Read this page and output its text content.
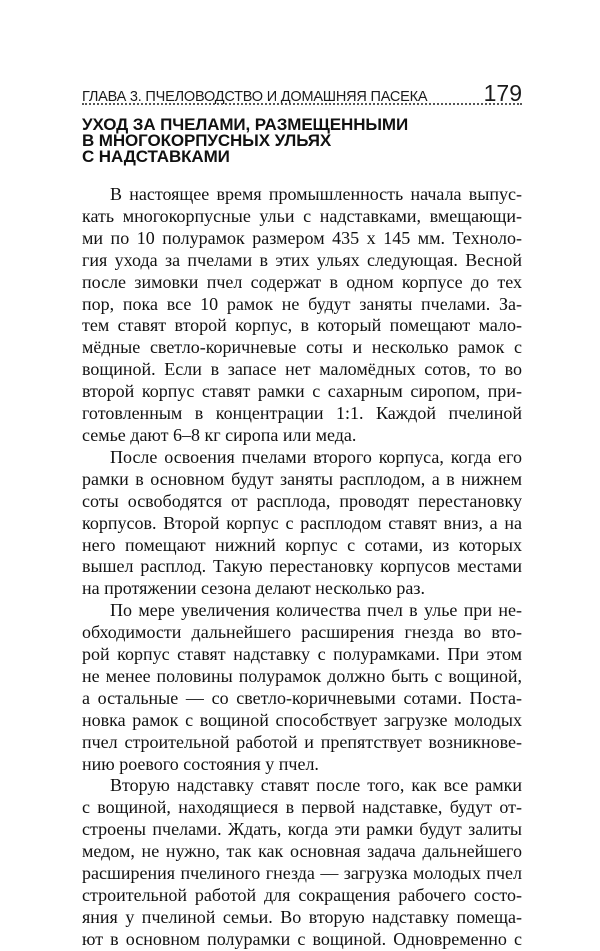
ГЛАВА 3. ПЧЕЛОВОДСТВО И ДОМАШНЯЯ ПАСЕКА 179
УХОД ЗА ПЧЕЛАМИ, РАЗМЕЩЕННЫМИ
В МНОГОКОРПУСНЫХ УЛЬЯХ
С НАДСТАВКАМИ

В настоящее время промышленность начала выпус-
кать многокорпусные ульи с надставками, вмещающи-
ми по 10 полурамок размером 435 х 145 мм. Техноло-
гия ухода за пчелами в этих ульях следующая. Весной
после зимовки пчел содержат в одном корпусе до тех
пор, пока все 10 рамок не будут заняты пчелами. За-
тем ставят второй корпус, в который помещают мало-
мёдные светло-коричневые соты и несколько рамок с
вощиной. Если в запасе нет маломёдных сотов, то во
второй корпус ставят рамки с сахарным сиропом, при-
готовленным в концентрации 1:1. Каждой пчелиной
семье дают 6–8 кг сиропа или меда.

После освоения пчелами второго корпуса, когда его
рамки в основном будут заняты расплодом, а в нижнем
соты освободятся от расплода, проводят перестановку
корпусов. Второй корпус с расплодом ставят вниз, а на
него помещают нижний корпус с сотами, из которых
вышел расплод. Такую перестановку корпусов местами
на протяжении сезона делают несколько раз.

По мере увеличения количества пчел в улье при не-
обходимости дальнейшего расширения гнезда во вто-
рой корпус ставят надставку с полурамками. При этом
не менее половины полурамок должно быть с вощиной,
а остальные — со светло-коричневыми сотами. Поста-
новка рамок с вощиной способствует загрузке молодых
пчел строительной работой и препятствует возникнове-
нию роевого состояния у пчел.

Вторую надставку ставят после того, как все рамки
с вощиной, находящиеся в первой надставке, будут от-
строены пчелами. Ждать, когда эти рамки будут залиты
медом, не нужно, так как основная задача дальнейшего
расширения пчелиного гнезда — загрузка молодых пчел
строительной работой для сокращения рабочего состо-
яния у пчелиной семьи. Во вторую надставку помеща-
ют в основном полурамки с вощиной. Одновременно с
